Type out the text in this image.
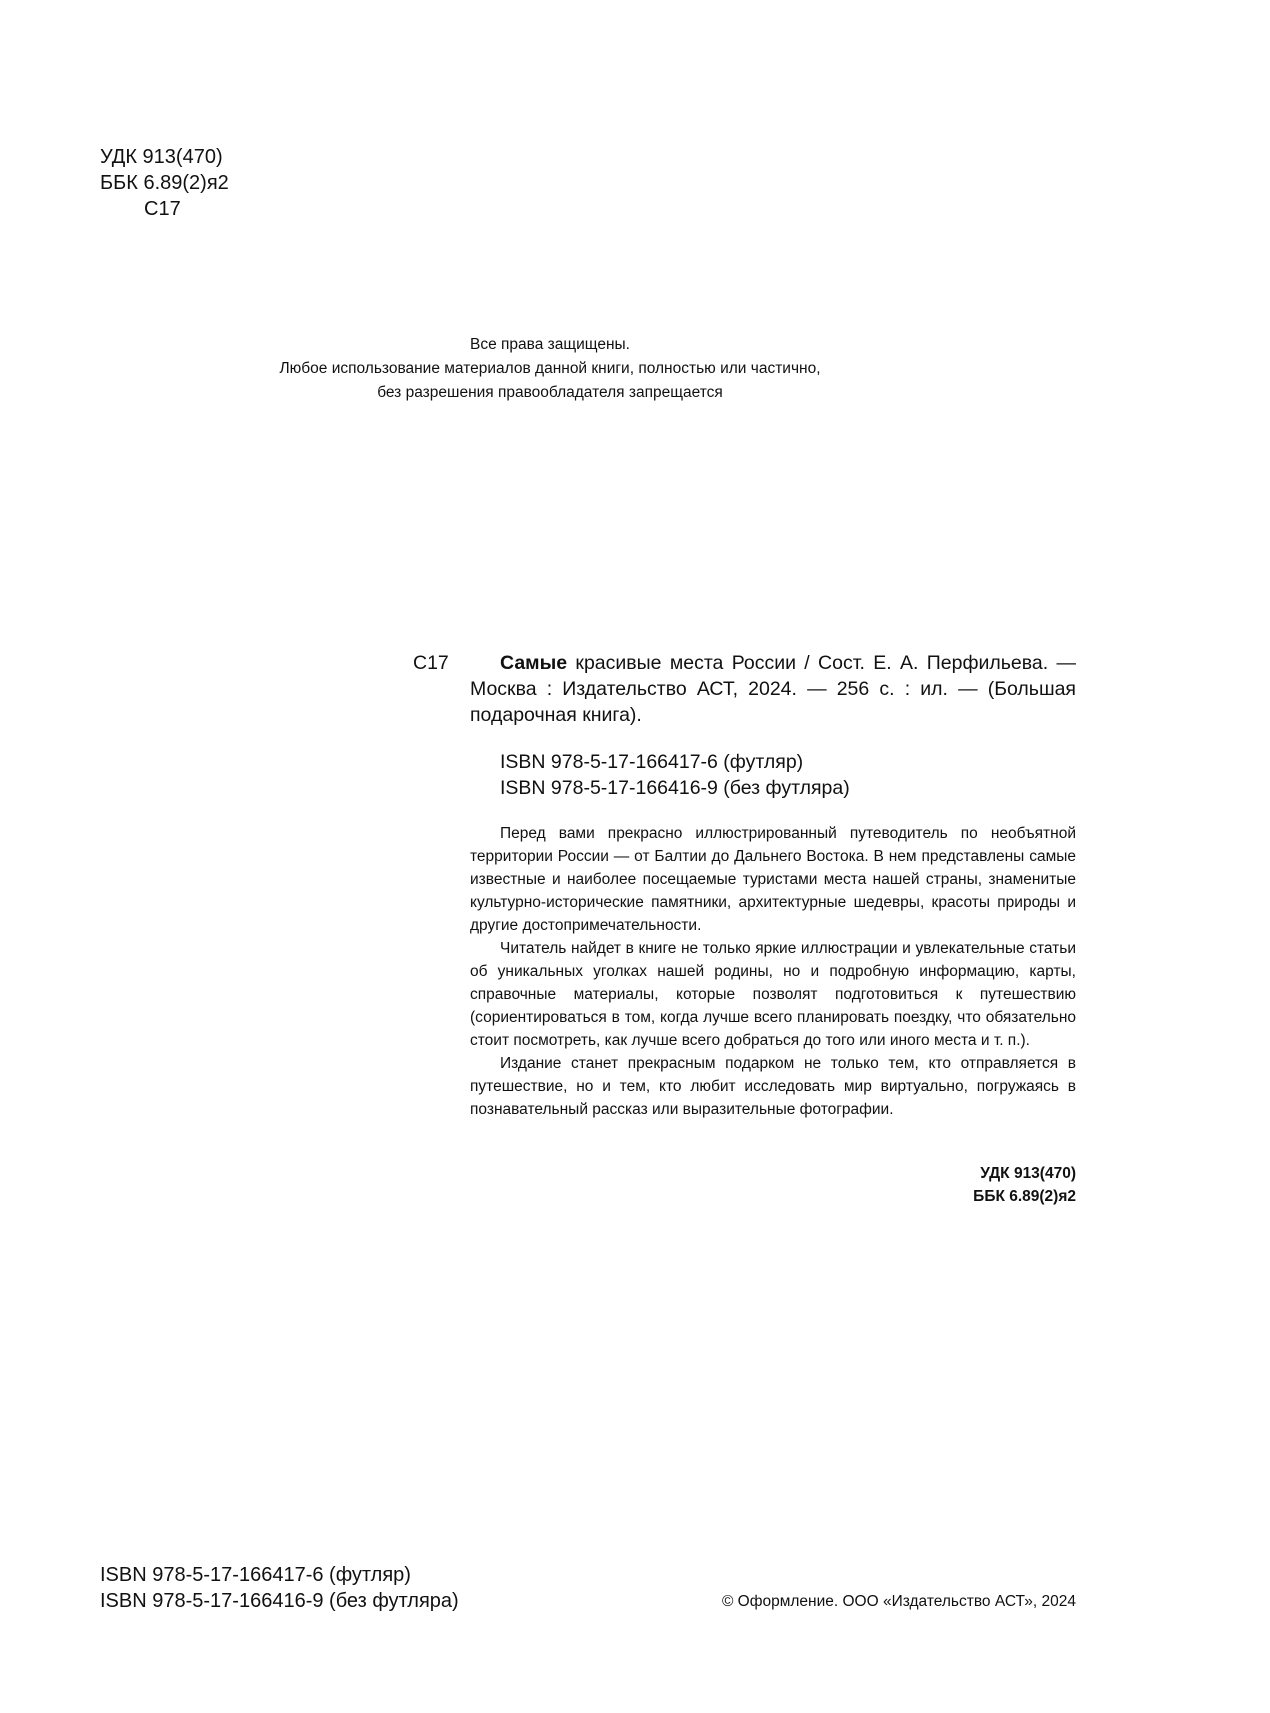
УДК 913(470)
ББК 6.89(2)я2
С17
Все права защищены.
Любое использование материалов данной книги, полностью или частично,
без разрешения правообладателя запрещается
С17	Самые красивые места России / Сост. Е. А. Перфильева. — Москва : Издательство АСТ, 2024. — 256 с. : ил. — (Большая подарочная книга).
ISBN 978-5-17-166417-6 (футляр)
ISBN 978-5-17-166416-9 (без футляра)

Перед вами прекрасно иллюстрированный путеводитель по необъятной территории России — от Балтии до Дальнего Востока. В нем представлены самые известные и наиболее посещаемые туристами места нашей страны, знаменитые культурно-исторические памятники, архитектурные шедевры, красоты природы и другие достопримечательности.

Читатель найдет в книге не только яркие иллюстрации и увлекательные статьи об уникальных уголках нашей родины, но и подробную информацию, карты, справочные материалы, которые позволят подготовиться к путешествию (сориентироваться в том, когда лучше всего планировать поездку, что обязательно стоит посмотреть, как лучше всего добраться до того или иного места и т. п.).

Издание станет прекрасным подарком не только тем, кто отправляется в путешествие, но и тем, кто любит исследовать мир виртуально, погружаясь в познавательный рассказ или выразительные фотографии.

УДК 913(470)
ББК 6.89(2)я2
ISBN 978-5-17-166417-6 (футляр)
ISBN 978-5-17-166416-9 (без футляра)	© Оформление. ООО «Издательство АСТ», 2024
